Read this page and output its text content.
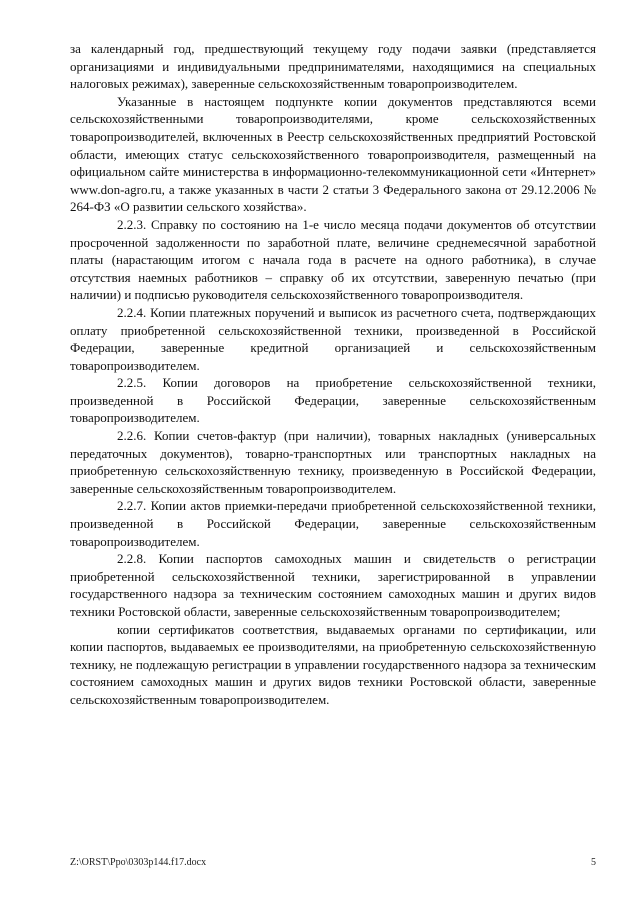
за календарный год, предшествующий текущему году подачи заявки (представляется организациями и индивидуальными предпринимателями, находящимися на специальных налоговых режимах), заверенные сельскохозяйственным товаропроизводителем.

Указанные в настоящем подпункте копии документов представляются всеми сельскохозяйственными товаропроизводителями, кроме сельскохозяйственных товаропроизводителей, включенных в Реестр сельскохозяйственных предприятий Ростовской области, имеющих статус сельскохозяйственного товаропроизводителя, размещенный на официальном сайте министерства в информационно-телекоммуникационной сети «Интернет» www.don-agro.ru, а также указанных в части 2 статьи 3 Федерального закона от 29.12.2006 № 264-ФЗ «О развитии сельского хозяйства».

2.2.3. Справку по состоянию на 1-е число месяца подачи документов об отсутствии просроченной задолженности по заработной плате, величине среднемесячной заработной платы (нарастающим итогом с начала года в расчете на одного работника), в случае отсутствия наемных работников – справку об их отсутствии, заверенную печатью (при наличии) и подписью руководителя сельскохозяйственного товаропроизводителя.

2.2.4. Копии платежных поручений и выписок из расчетного счета, подтверждающих оплату приобретенной сельскохозяйственной техники, произведенной в Российской Федерации, заверенные кредитной организацией и сельскохозяйственным товаропроизводителем.

2.2.5. Копии договоров на приобретение сельскохозяйственной техники, произведенной в Российской Федерации, заверенные сельскохозяйственным товаропроизводителем.

2.2.6. Копии счетов-фактур (при наличии), товарных накладных (универсальных передаточных документов), товарно-транспортных или транспортных накладных на приобретенную сельскохозяйственную технику, произведенную в Российской Федерации, заверенные сельскохозяйственным товаропроизводителем.

2.2.7. Копии актов приемки-передачи приобретенной сельскохозяйственной техники, произведенной в Российской Федерации, заверенные сельскохозяйственным товаропроизводителем.

2.2.8. Копии паспортов самоходных машин и свидетельств о регистрации приобретенной сельскохозяйственной техники, зарегистрированной в управлении государственного надзора за техническим состоянием самоходных машин и других видов техники Ростовской области, заверенные сельскохозяйственным товаропроизводителем;

копии сертификатов соответствия, выдаваемых органами по сертификации, или копии паспортов, выдаваемых ее производителями, на приобретенную сельскохозяйственную технику, не подлежащую регистрации в управлении государственного надзора за техническим состоянием самоходных машин и других видов техники Ростовской области, заверенные сельскохозяйственным товаропроизводителем.

Z:\ORST\Ppo\0303p144.f17.docx	5
